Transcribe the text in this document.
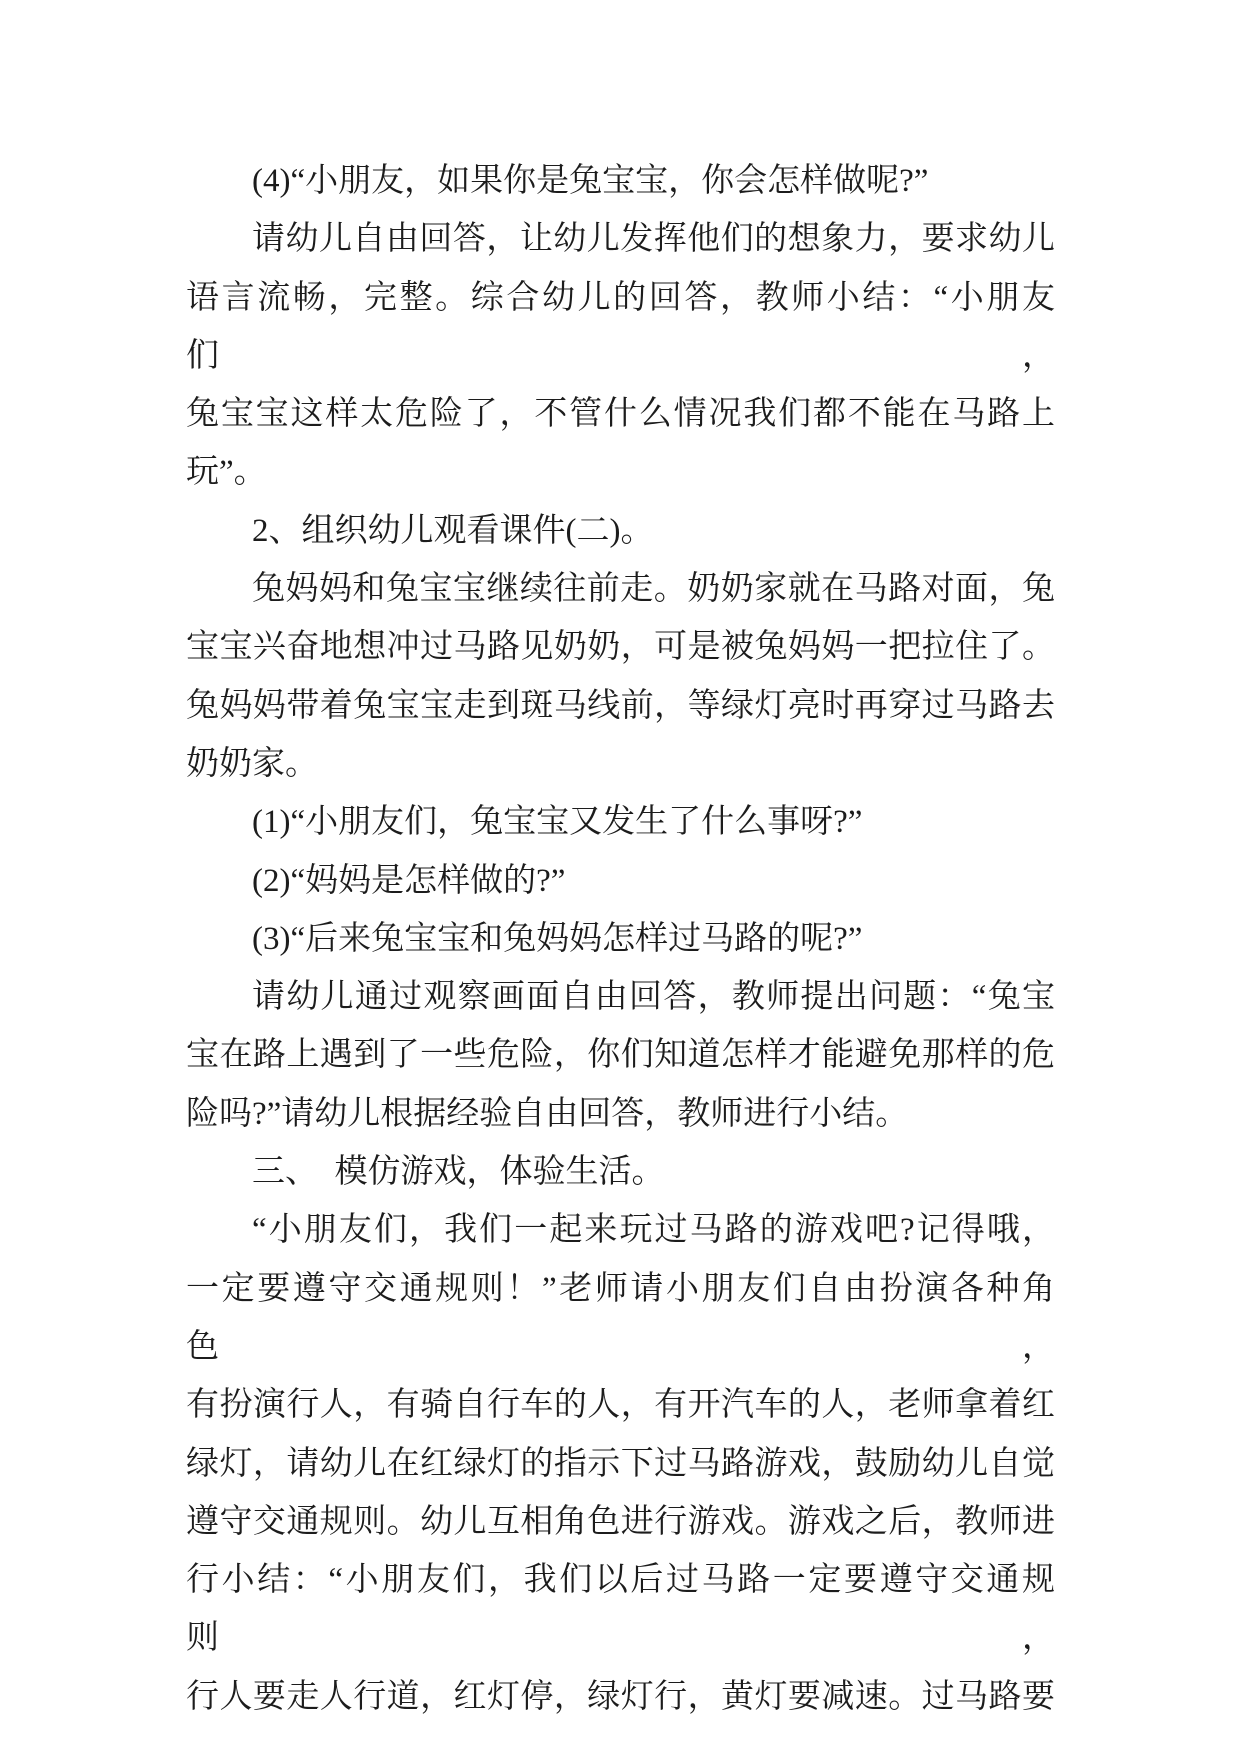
(4)“小朋友，如果你是兔宝宝，你会怎样做呢?”
请幼儿自由回答，让幼儿发挥他们的想象力，要求幼儿
语言流畅，完整。综合幼儿的回答，教师小结：“小朋友们，
兔宝宝这样太危险了，不管什么情况我们都不能在马路上
玩”。
2、组织幼儿观看课件(二)。
兔妈妈和兔宝宝继续往前走。奶奶家就在马路对面，兔
宝宝兴奋地想冲过马路见奶奶，可是被兔妈妈一把拉住了。
兔妈妈带着兔宝宝走到斑马线前，等绿灯亮时再穿过马路去
奶奶家。
(1)“小朋友们，兔宝宝又发生了什么事呀?”
(2)“妈妈是怎样做的?”
(3)“后来兔宝宝和兔妈妈怎样过马路的呢?”
请幼儿通过观察画面自由回答，教师提出问题：“兔宝
宝在路上遇到了一些危险，你们知道怎样才能避免那样的危
险吗?”请幼儿根据经验自由回答，教师进行小结。
三、　模仿游戏，体验生活。
“小朋友们，我们一起来玩过马路的游戏吧?记得哦，
一定要遵守交通规则！”老师请小朋友们自由扮演各种角色，
有扮演行人，有骑自行车的人，有开汽车的人，老师拿着红
绿灯，请幼儿在红绿灯的指示下过马路游戏，鼓励幼儿自觉
遵守交通规则。幼儿互相角色进行游戏。游戏之后，教师进
行小结：“小朋友们，我们以后过马路一定要遵守交通规则，
行人要走人行道，红灯停，绿灯行，黄灯要减速。过马路要
